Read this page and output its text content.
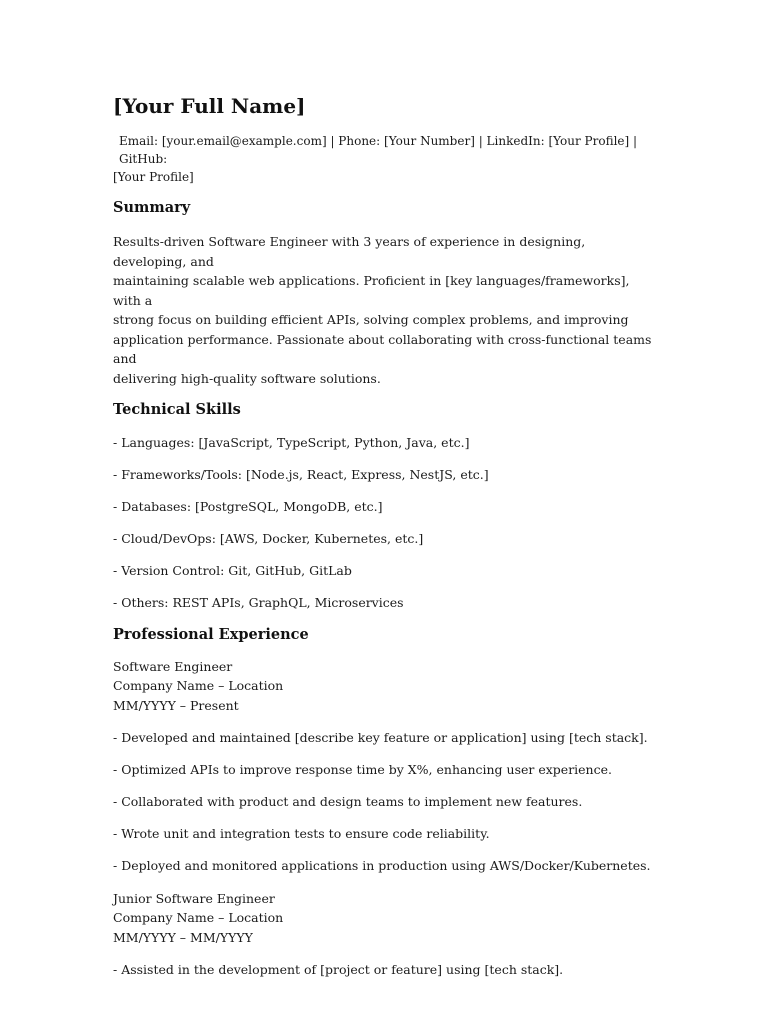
[Your Full Name]
Email: [your.email@example.com] | Phone: [Your Number] | LinkedIn: [Your Profile] | GitHub:
[Your Profile]
Summary

Results-driven Software Engineer with 3 years of experience in designing, developing, and

maintaining scalable web applications. Proficient in [key languages/frameworks], with a

strong focus on building efficient APIs, solving complex problems, and improving

application performance. Passionate about collaborating with cross-functional teams and

delivering high-quality software solutions.

Technical Skills

- Languages: [JavaScript, TypeScript, Python, Java, etc.]

- Frameworks/Tools: [Node.js, React, Express, NestJS, etc.]

- Databases: [PostgreSQL, MongoDB, etc.]

- Cloud/DevOps: [AWS, Docker, Kubernetes, etc.]

- Version Control: Git, GitHub, GitLab

- Others: REST APIs, GraphQL, Microservices

Professional Experience

Software Engineer

Company Name – Location

MM/YYYY – Present

- Developed and maintained [describe key feature or application] using [tech stack].

- Optimized APIs to improve response time by X%, enhancing user experience.

- Collaborated with product and design teams to implement new features.

- Wrote unit and integration tests to ensure code reliability.

- Deployed and monitored applications in production using AWS/Docker/Kubernetes.

Junior Software Engineer

Company Name – Location

MM/YYYY – MM/YYYY

- Assisted in the development of [project or feature] using [tech stack].
